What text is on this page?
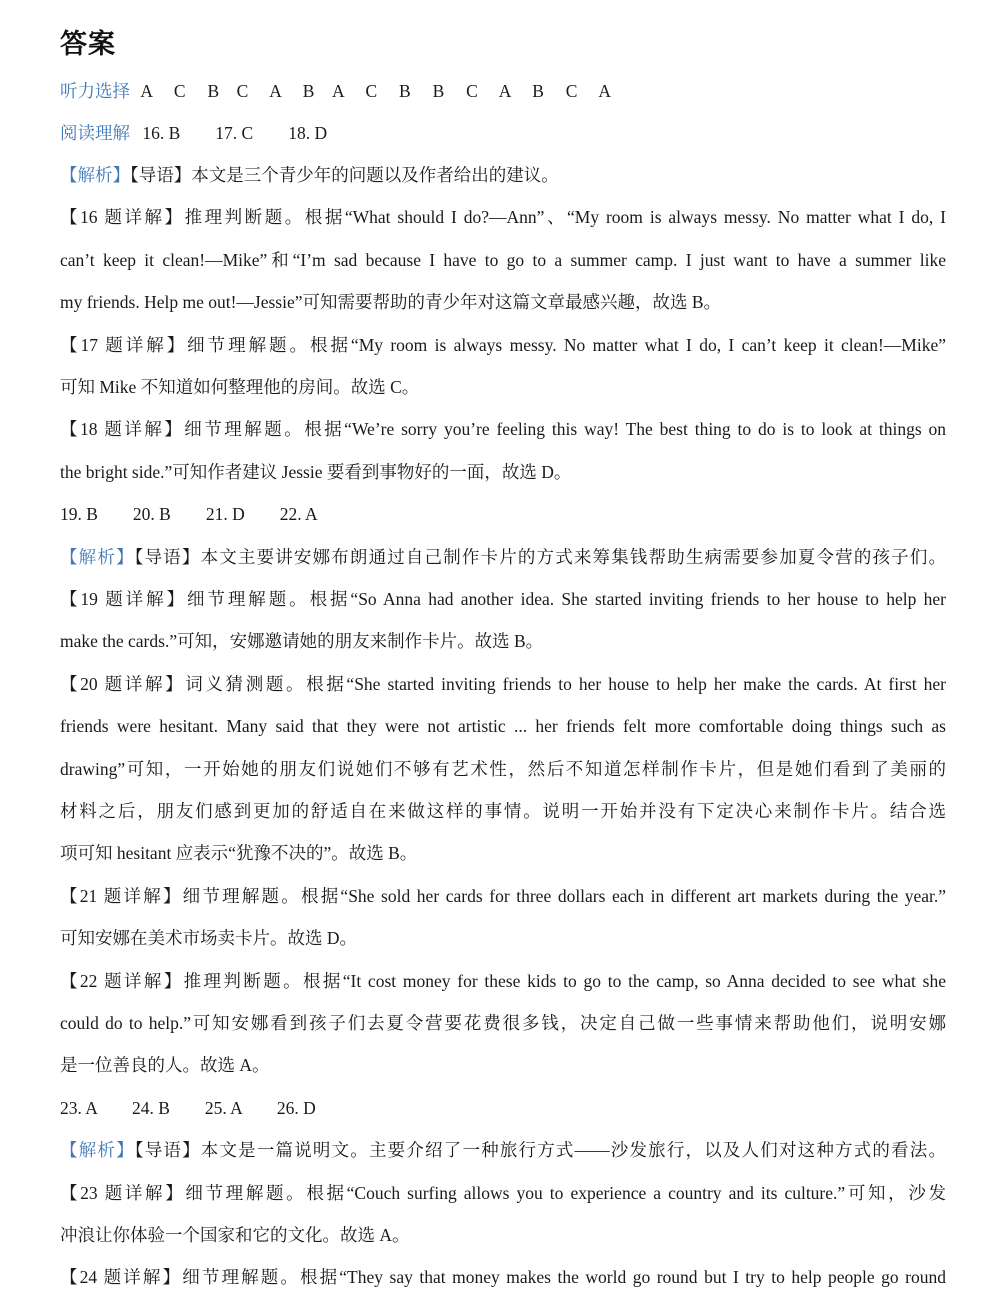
答案
听力选择 A　 C　 B　C　 A　 B　A　 C　 B　 B　 C　 A　 B　 C　 A
阅读理解 16. B　　17. C　　18. D
【解析】【导语】本文是三个青少年的问题以及作者给出的建议。
【16 题详解】推理判断题。根据“What should I do?—Ann”、“My room is always messy. No matter what I do, I
can’t keep it clean!—Mike”和“I’m sad because I have to go to a summer camp. I just want to have a summer like
my friends. Help me out!—Jessie”可知需要帮助的青少年对这篇文章最感兴趣，故选 B。
【17 题详解】细节理解题。根据“My room is always messy. No matter what I do, I can’t keep it clean!—Mike”
可知 Mike 不知道如何整理他的房间。故选 C。
【18 题详解】细节理解题。根据“We’re sorry you’re feeling this way! The best thing to do is to look at things on
the bright side.”可知作者建议 Jessie 要看到事物好的一面，故选 D。
19. B　　20. B　　21. D　　22. A
【解析】【导语】本文主要讲安娜布朗通过自己制作卡片的方式来筹集钱帮助生病需要参加夏令营的孩子们。
【19 题详解】细节理解题。根据“So Anna had another idea. She started inviting friends to her house to help her
make the cards.”可知，安娜邀请她的朋友来制作卡片。故选 B。
【20 题详解】词义猜测题。根据“She started inviting friends to her house to help her make the cards. At first her
friends were hesitant. Many said that they were not artistic ... her friends felt more comfortable doing things such as
drawing”可知，一开始她的朋友们说她们不够有艺术性，然后不知道怎样制作卡片，但是她们看到了美丽的
材料之后，朋友们感到更加的舒适自在来做这样的事情。说明一开始并没有下定决心来制作卡片。结合选
项可知 hesitant 应表示“犹豫不决的”。故选 B。
【21 题详解】细节理解题。根据“She sold her cards for three dollars each in different art markets during the year.”
可知安娜在美术市场卖卡片。故选 D。
【22 题详解】推理判断题。根据“It cost money for these kids to go to the camp, so Anna decided to see what she
could do to help.”可知安娜看到孩子们去夏令营要花费很多钱，决定自己做一些事情来帮助他们，说明安娜
是一位善良的人。故选 A。
23. A　　24. B　　25. A　　26. D
【解析】【导语】本文是一篇说明文。主要介绍了一种旅行方式——沙发旅行，以及人们对这种方式的看法。
【23 题详解】细节理解题。根据“Couch surfing allows you to experience a country and its culture.”可知，沙发
冲浪让你体验一个国家和它的文化。故选 A。
【24 题详解】细节理解题。根据“They say that money makes the world go round but I try to help people go round
